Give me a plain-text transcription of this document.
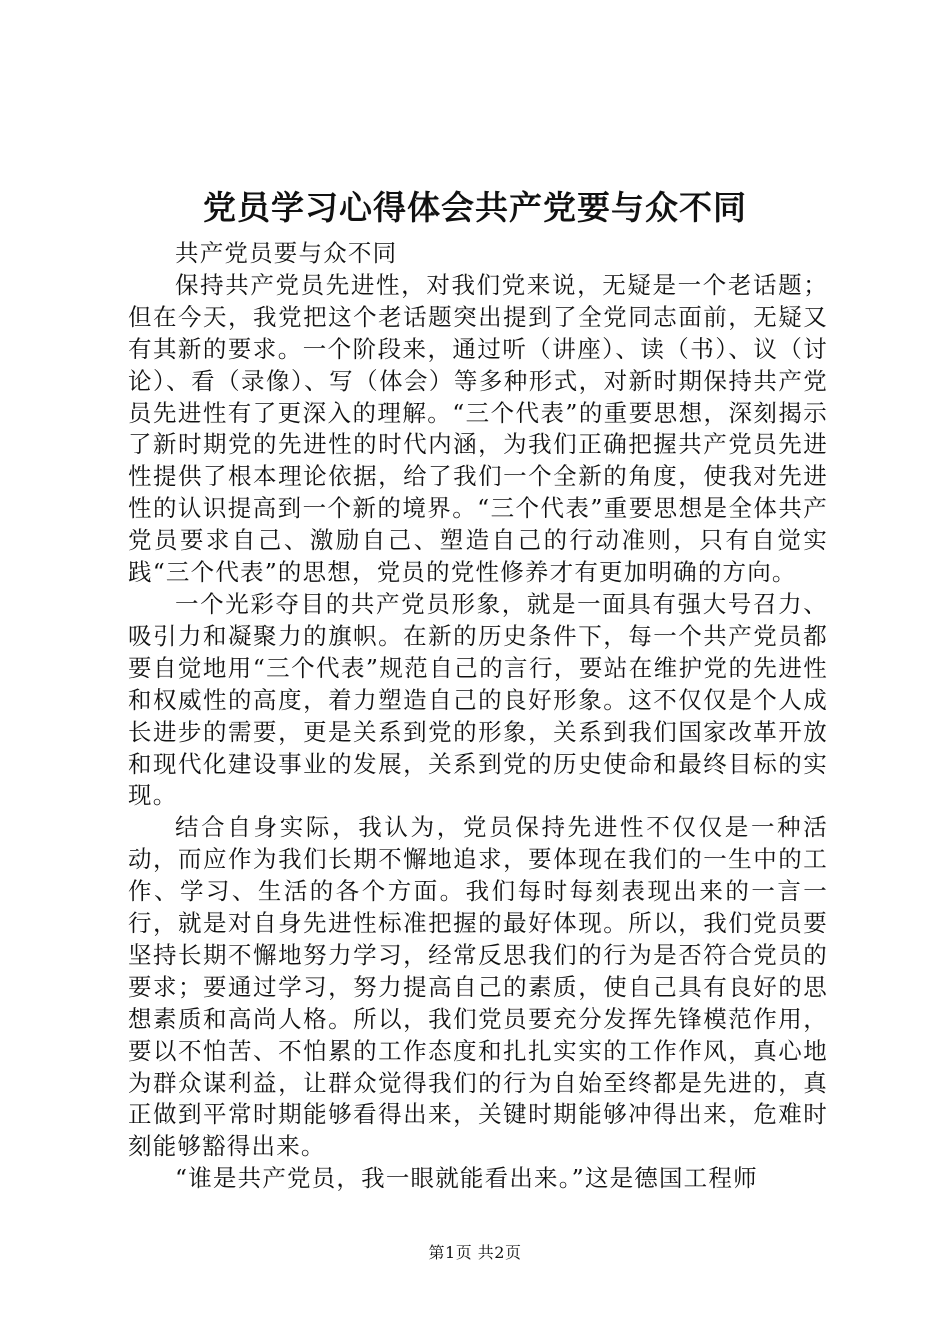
党员学习心得体会共产党要与众不同

共产党员要与众不同

保持共产党员先进性，对我们党来说，无疑是一个老话题；但在今天，我党把这个老话题突出提到了全党同志面前，无疑又有其新的要求。一个阶段来，通过听（讲座）、读（书）、议（讨论）、看（录像）、写（体会）等多种形式，对新时期保持共产党员先进性有了更深入的理解。“三个代表”的重要思想，深刻揭示了新时期党的先进性的时代内涵，为我们正确把握共产党员先进性提供了根本理论依据，给了我们一个全新的角度，使我对先进性的认识提高到一个新的境界。“三个代表”重要思想是全体共产党员要求自己、激励自己、塑造自己的行动准则，只有自觉实践“三个代表”的思想，党员的党性修养才有更加明确的方向。

一个光彩夺目的共产党员形象，就是一面具有强大号召力、吸引力和凝聚力的旗帜。在新的历史条件下，每一个共产党员都要自觉地用“三个代表”规范自己的言行，要站在维护党的先进性和权威性的高度，着力塑造自己的良好形象。这不仅仅是个人成长进步的需要，更是关系到党的形象，关系到我们国家改革开放和现代化建设事业的发展，关系到党的历史使命和最终目标的实现。

结合自身实际，我认为，党员保持先进性不仅仅是一种活动，而应作为我们长期不懈地追求，要体现在我们的一生中的工作、学习、生活的各个方面。我们每时每刻表现出来的一言一行，就是对自身先进性标准把握的最好体现。所以，我们党员要坚持长期不懈地努力学习，经常反思我们的行为是否符合党员的要求；要通过学习，努力提高自己的素质，使自己具有良好的思想素质和高尚人格。所以，我们党员要充分发挥先锋模范作用，要以不怕苦、不怕累的工作态度和扎扎实实的工作作风，真心地为群众谋利益，让群众觉得我们的行为自始至终都是先进的，真正做到平常时期能够看得出来，关键时期能够冲得出来，危难时刻能够豁得出来。

“谁是共产党员，我一眼就能看出来。”这是德国工程师

第1页 共2页
